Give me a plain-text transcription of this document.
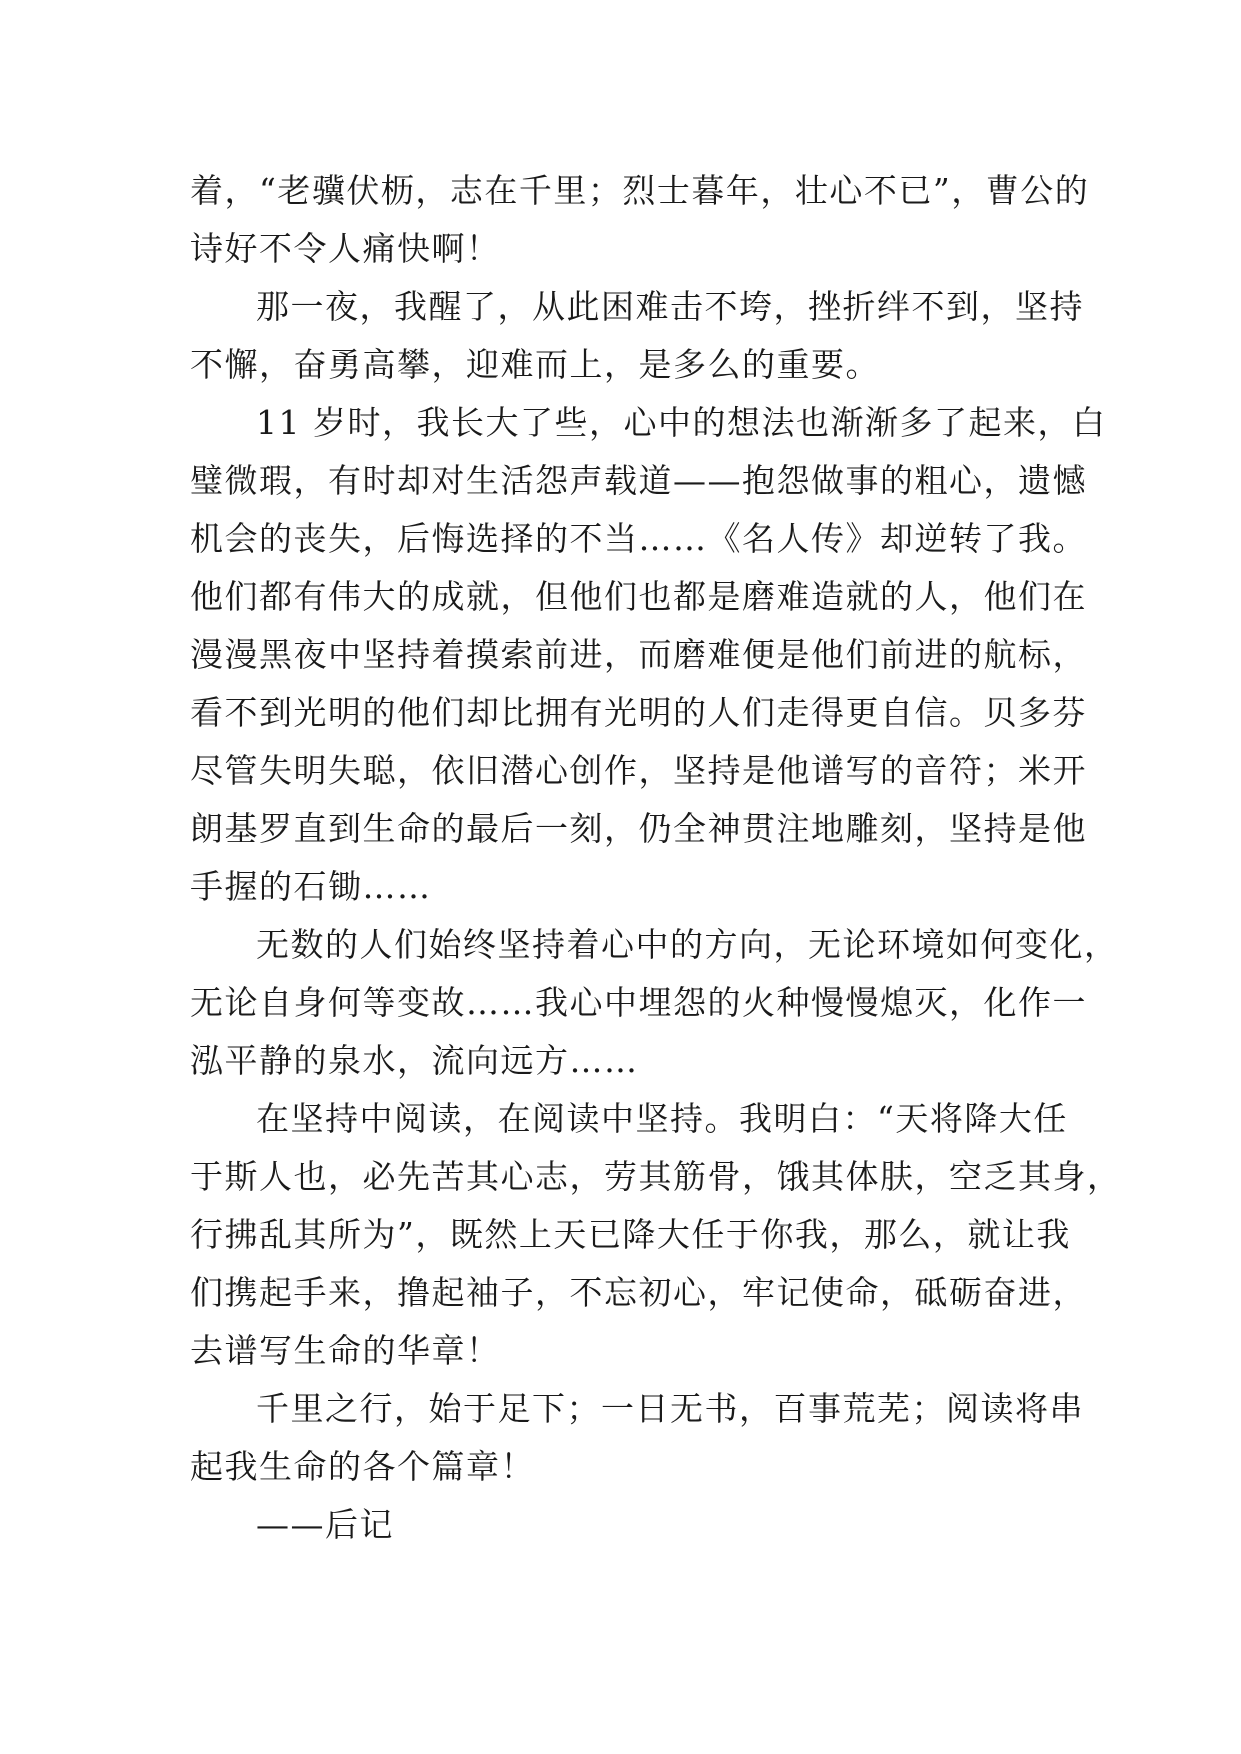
着，“老骥伏枥，志在千里；烈士暮年，壮心不已”，曹公的
诗好不令人痛快啊！
那一夜，我醒了，从此困难击不垮，挫折绊不到，坚持
不懈，奋勇高攀，迎难而上，是多么的重要。
11 岁时，我长大了些，心中的想法也渐渐多了起来，白
璧微瑕，有时却对生活怨声载道——抱怨做事的粗心，遗憾
机会的丧失，后悔选择的不当……《名人传》却逆转了我。
他们都有伟大的成就，但他们也都是磨难造就的人，他们在
漫漫黑夜中坚持着摸索前进，而磨难便是他们前进的航标，
看不到光明的他们却比拥有光明的人们走得更自信。贝多芬
尽管失明失聪，依旧潜心创作，坚持是他谱写的音符；米开
朗基罗直到生命的最后一刻，仍全神贯注地雕刻，坚持是他
手握的石锄……
无数的人们始终坚持着心中的方向，无论环境如何变化，
无论自身何等变故……我心中埋怨的火种慢慢熄灭，化作一
泓平静的泉水，流向远方……
在坚持中阅读，在阅读中坚持。我明白：“天将降大任
于斯人也，必先苦其心志，劳其筋骨，饿其体肤，空乏其身，
行拂乱其所为”，既然上天已降大任于你我，那么，就让我
们携起手来，撸起袖子，不忘初心，牢记使命，砥砺奋进，
去谱写生命的华章！
千里之行，始于足下；一日无书，百事荒芜；阅读将串
起我生命的各个篇章！
——后记
